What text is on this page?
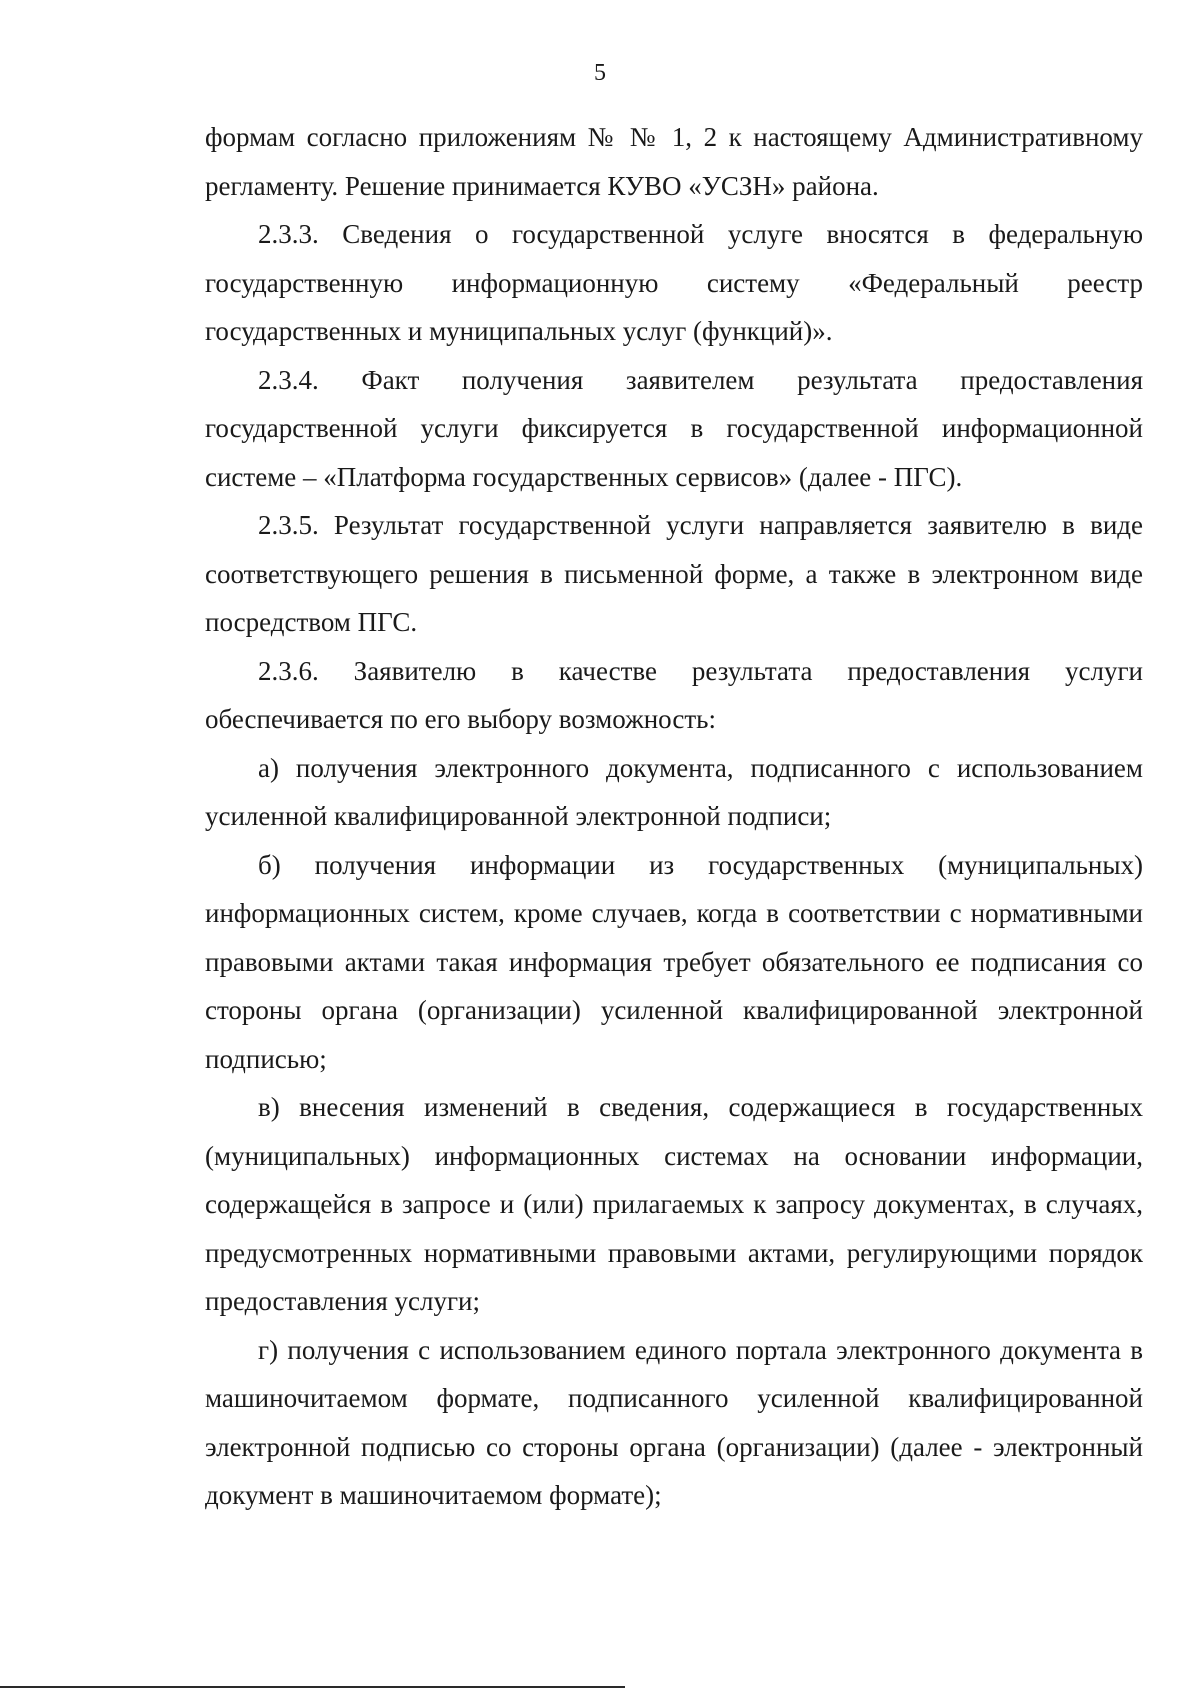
5

формам согласно приложениям № № 1, 2 к настоящему Административному регламенту. Решение принимается КУВО «УСЗН» района.

2.3.3. Сведения о государственной услуге вносятся в федеральную государственную информационную систему «Федеральный реестр государственных и муниципальных услуг (функций)».

2.3.4. Факт получения заявителем результата предоставления государственной услуги фиксируется в государственной информационной системе – «Платформа государственных сервисов» (далее - ПГС).

2.3.5. Результат государственной услуги направляется заявителю в виде соответствующего решения в письменной форме, а также в электронном виде посредством ПГС.

2.3.6. Заявителю в качестве результата предоставления услуги обеспечивается по его выбору возможность:

а) получения электронного документа, подписанного с использованием усиленной квалифицированной электронной подписи;

б) получения информации из государственных (муниципальных) информационных систем, кроме случаев, когда в соответствии с нормативными правовыми актами такая информация требует обязательного ее подписания со стороны органа (организации) усиленной квалифицированной электронной подписью;

в) внесения изменений в сведения, содержащиеся в государственных (муниципальных) информационных системах на основании информации, содержащейся в запросе и (или) прилагаемых к запросу документах, в случаях, предусмотренных нормативными правовыми актами, регулирующими порядок предоставления услуги;

г) получения с использованием единого портала электронного документа в машиночитаемом формате, подписанного усиленной квалифицированной электронной подписью со стороны органа (организации) (далее - электронный документ в машиночитаемом формате);
